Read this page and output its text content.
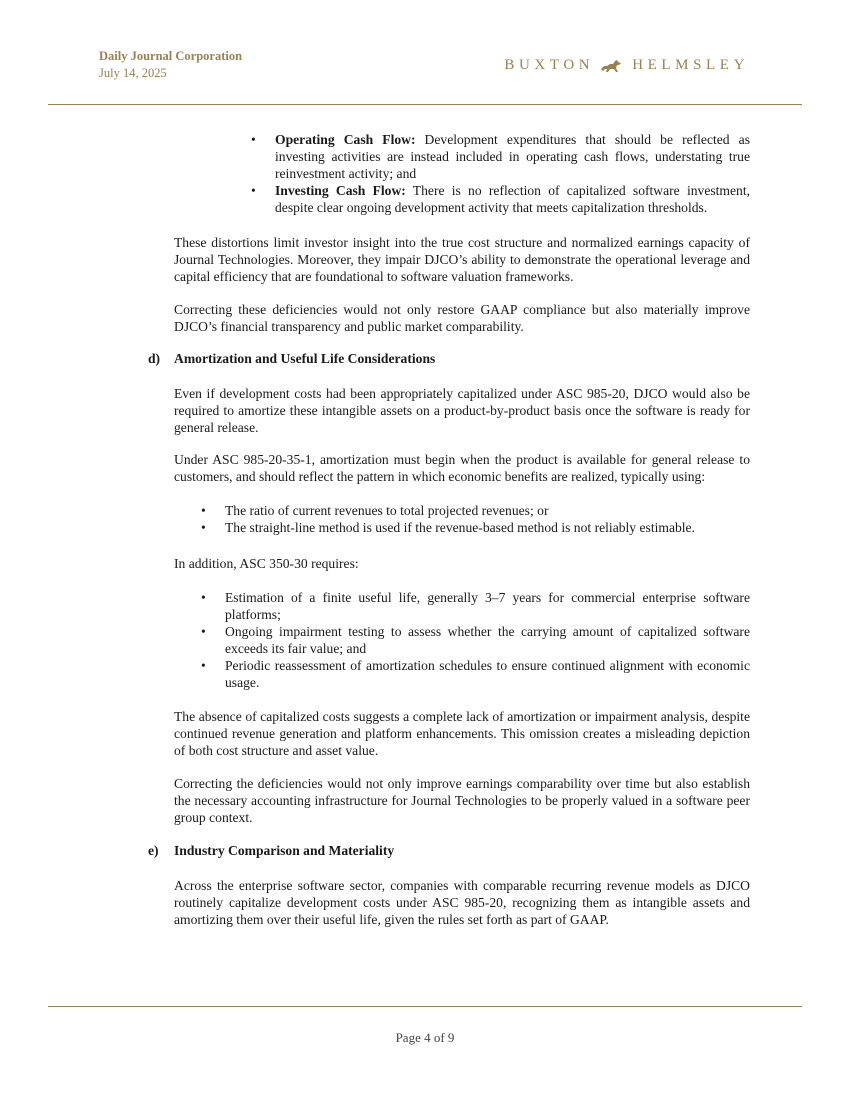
Daily Journal Corporation
July 14, 2025	BUXTON	HELMSLEY
• Operating Cash Flow: Development expenditures that should be reflected as investing activities are instead included in operating cash flows, understating true reinvestment activity; and
• Investing Cash Flow: There is no reflection of capitalized software investment, despite clear ongoing development activity that meets capitalization thresholds.

These distortions limit investor insight into the true cost structure and normalized earnings capacity of Journal Technologies. Moreover, they impair DJCO’s ability to demonstrate the operational leverage and capital efficiency that are foundational to software valuation frameworks.

Correcting these deficiencies would not only restore GAAP compliance but also materially improve DJCO’s financial transparency and public market comparability.

d) Amortization and Useful Life Considerations

Even if development costs had been appropriately capitalized under ASC 985-20, DJCO would also be required to amortize these intangible assets on a product-by-product basis once the software is ready for general release.

Under ASC 985-20-35-1, amortization must begin when the product is available for general release to customers, and should reflect the pattern in which economic benefits are realized, typically using:

• The ratio of current revenues to total projected revenues; or
• The straight-line method is used if the revenue-based method is not reliably estimable.

In addition, ASC 350-30 requires:

• Estimation of a finite useful life, generally 3–7 years for commercial enterprise software platforms;
• Ongoing impairment testing to assess whether the carrying amount of capitalized software exceeds its fair value; and
• Periodic reassessment of amortization schedules to ensure continued alignment with economic usage.

The absence of capitalized costs suggests a complete lack of amortization or impairment analysis, despite continued revenue generation and platform enhancements. This omission creates a misleading depiction of both cost structure and asset value.

Correcting the deficiencies would not only improve earnings comparability over time but also establish the necessary accounting infrastructure for Journal Technologies to be properly valued in a software peer group context.

e) Industry Comparison and Materiality

Across the enterprise software sector, companies with comparable recurring revenue models as DJCO routinely capitalize development costs under ASC 985-20, recognizing them as intangible assets and amortizing them over their useful life, given the rules set forth as part of GAAP.

Page 4 of 9
